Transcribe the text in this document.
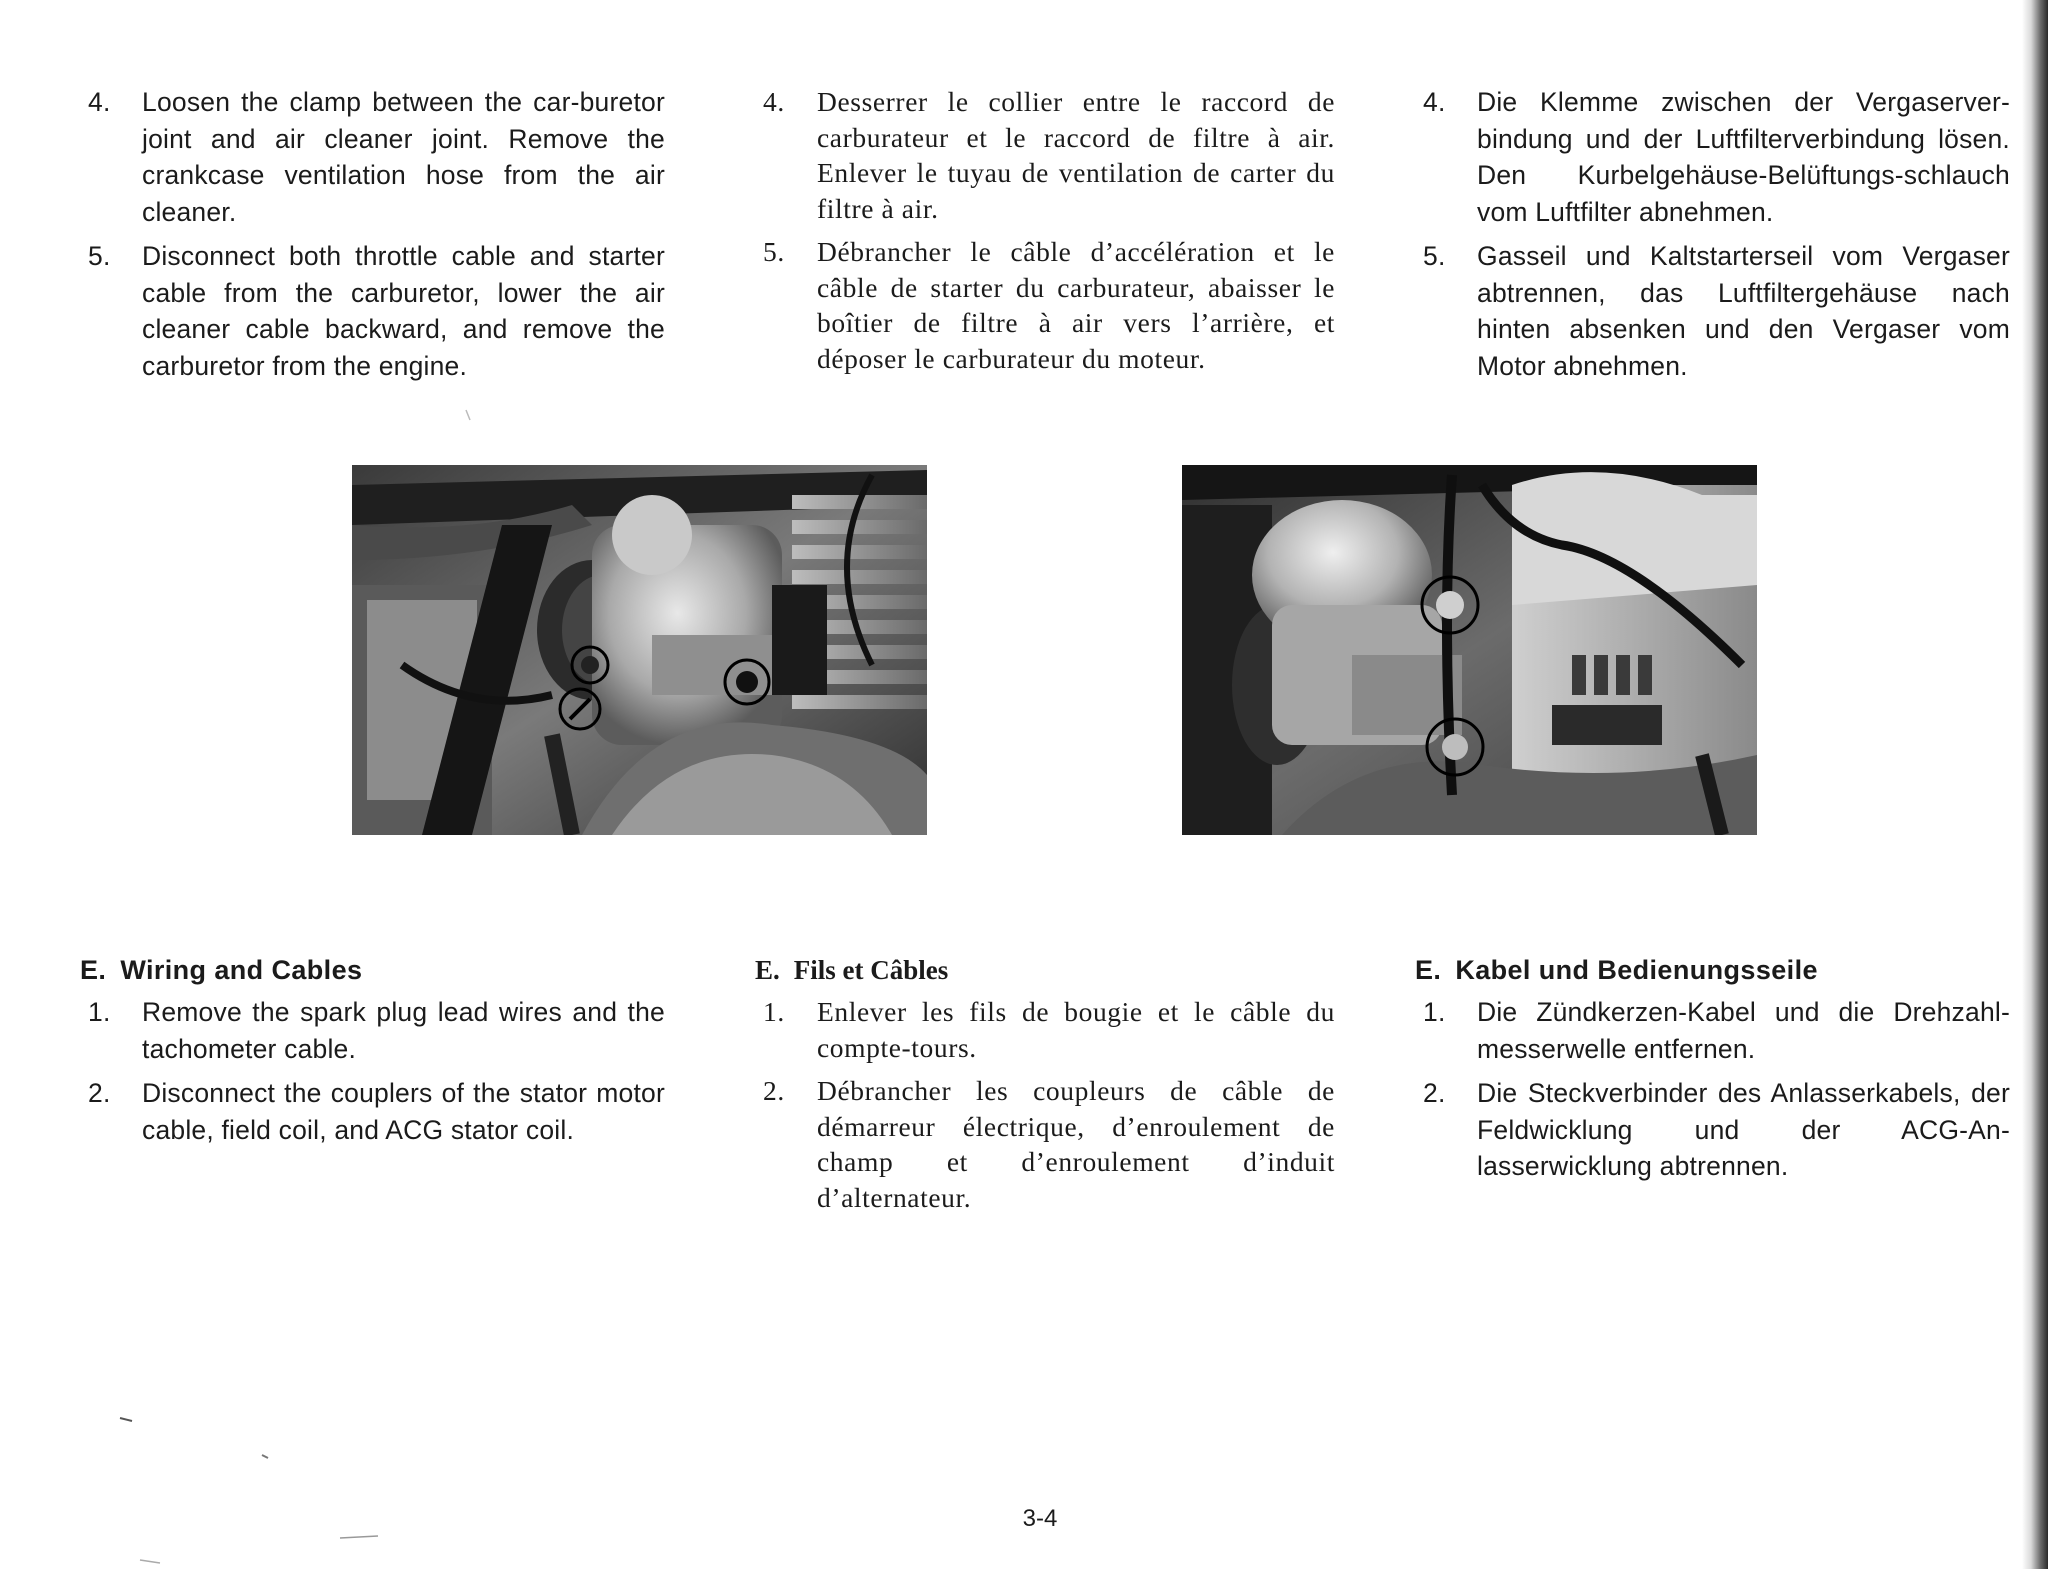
4. Loosen the clamp between the car-buretor joint and air cleaner joint. Remove the crankcase ventilation hose from the air cleaner.
5. Disconnect both throttle cable and starter cable from the carburetor, lower the air cleaner cable backward, and remove the carburetor from the engine.
4. Desserrer le collier entre le raccord de carburateur et le raccord de filtre à air. Enlever le tuyau de ventilation de carter du filtre à air.
5. Débrancher le câble d’accélération et le câble de starter du carburateur, abaisser le boîtier de filtre à air vers l’arrière, et déposer le carburateur du moteur.
4. Die Klemme zwischen der Vergaserver-bindung und der Luftfilterverbindung lösen. Den Kurbelgehäuse-Belüftungs-schlauch vom Luftfilter abnehmen.
5. Gasseil und Kaltstarterseil vom Vergaser abtrennen, das Luftfiltergehäuse nach hinten absenken und den Vergaser vom Motor abnehmen.
E. Wiring and Cables
1. Remove the spark plug lead wires and the tachometer cable.
2. Disconnect the couplers of the stator motor cable, field coil, and ACG stator coil.
E. Fils et Câbles
1. Enlever les fils de bougie et le câble du compte-tours.
2. Débrancher les coupleurs de câble de démarreur électrique, d’enroulement de champ et d’enroulement d’induit d’alternateur.
E. Kabel und Bedienungsseile
1. Die Zündkerzen-Kabel und die Drehzahl-messerwelle entfernen.
2. Die Steckverbinder des Anlasserkabels, der Feldwicklung und der ACG-An-lasserwicklung abtrennen.
3-4
